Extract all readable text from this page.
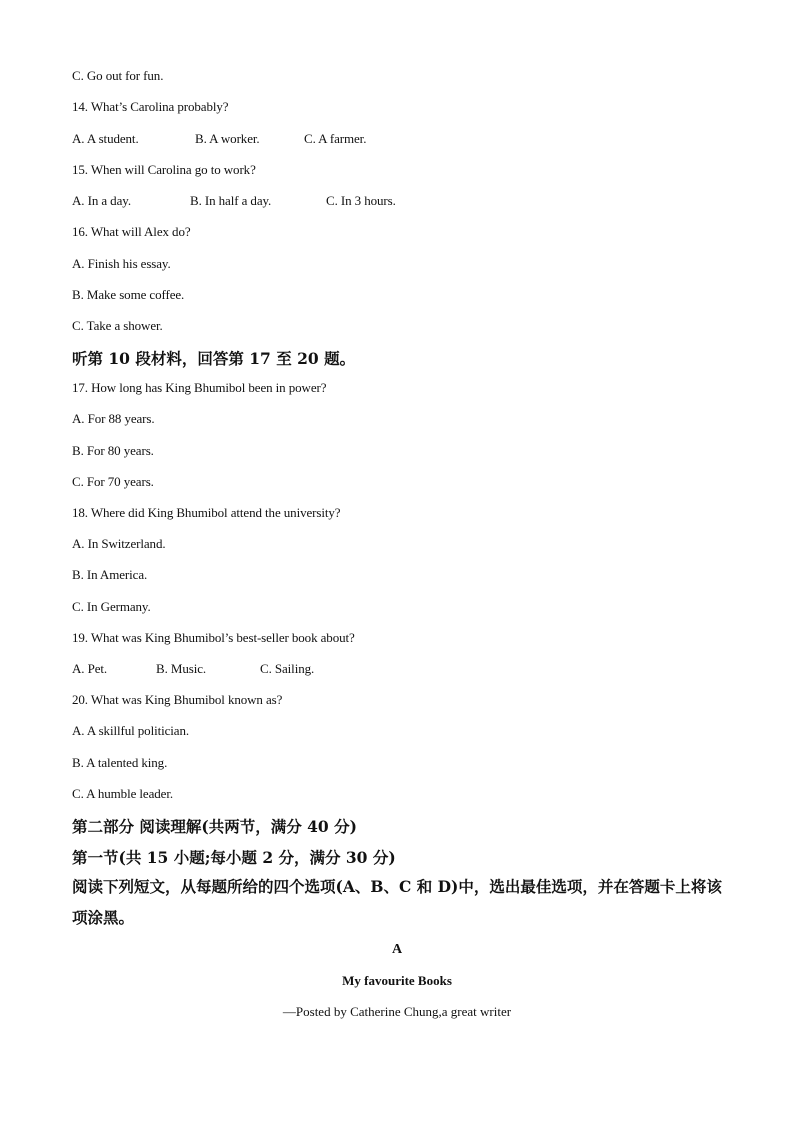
C. Go out for fun.
14. What’s Carolina probably?
A. A student.	B. A worker.	C. A farmer.
15. When will Carolina go to work?
A. In a day.	B. In half a day.	C. In 3 hours.
16. What will Alex do?
A. Finish his essay.
B. Make some coffee.
C. Take a shower.
听第 10 段材料，回答第 17 至 20 题。
17. How long has King Bhumibol been in power?
A. For 88 years.
B. For 80 years.
C. For 70 years.
18. Where did King Bhumibol attend the university?
A. In Switzerland.
B. In America.
C. In Germany.
19. What was King Bhumibol’s best-seller book about?
A. Pet.	B. Music.	C. Sailing.
20. What was King Bhumibol known as?
A. A skillful politician.
B. A talented king.
C. A humble leader.
第二部分 阅读理解(共两节，满分 40 分)
第一节(共 15 小题;每小题 2 分，满分 30 分)
阅读下列短文，从每题所给的四个选项(A、B、C 和 D)中，选出最佳选项，并在答题卡上将该项涂黑。
A
My favourite Books
—Posted by Catherine Chung,a great writer
